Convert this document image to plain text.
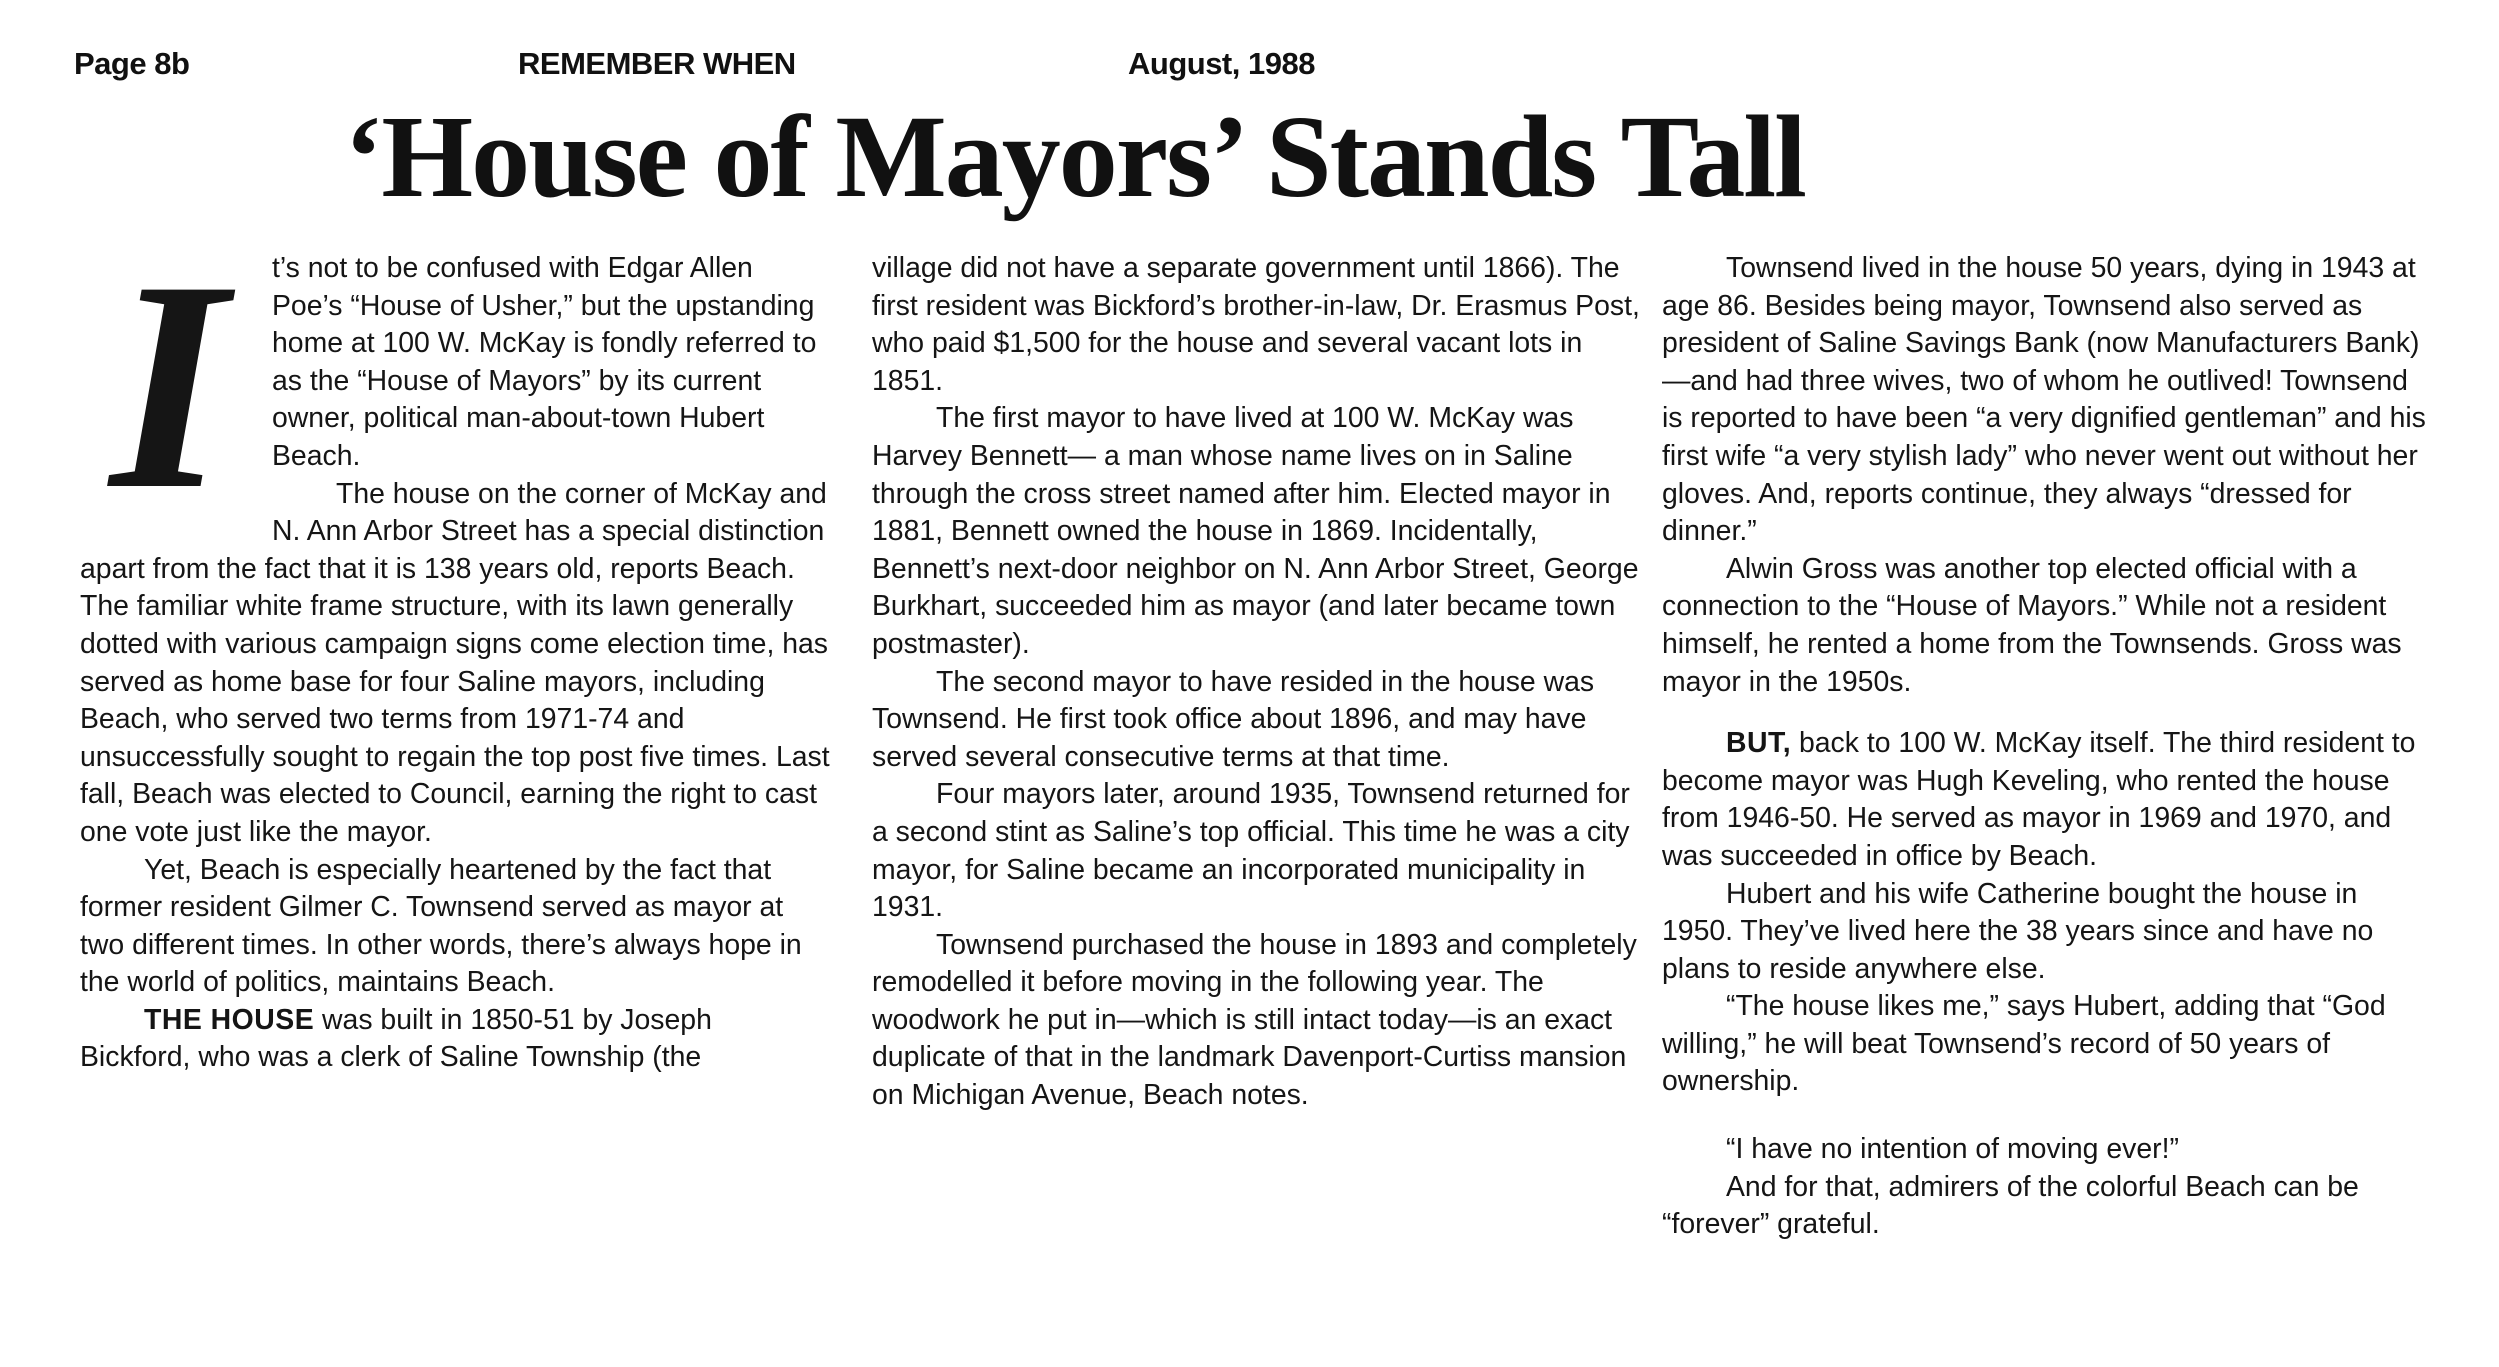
Page 8b	REMEMBER WHEN	August, 1988
‘House of Mayors’ Stands Tall
I	t’s not to be confused with Edgar Allen Poe’s “House of Usher,” but the upstanding home at 100 W. McKay is fondly referred to as the “House of Mayors” by its current owner, political man-about-town Hubert Beach.

The house on the corner of McKay and N. Ann Arbor Street has a special distinction apart from the fact that it is 138 years old, reports Beach. The familiar white frame structure, with its lawn generally dotted with various campaign signs come election time, has served as home base for four Saline mayors, including Beach, who served two terms from 1971-74 and unsuccessfully sought to regain the top post five times. Last fall, Beach was elected to Council, earning the right to cast one vote just like the mayor.

Yet, Beach is especially heartened by the fact that former resident Gilmer C. Townsend served as mayor at two different times. In other words, there’s always hope in the world of politics, maintains Beach.

THE HOUSE was built in 1850-51 by Joseph Bickford, who was a clerk of Saline Township (the

village did not have a separate government until 1866). The first resident was Bickford’s brother-in-law, Dr. Erasmus Post, who paid $1,500 for the house and several vacant lots in 1851.

The first mayor to have lived at 100 W. McKay was Harvey Bennett— a man whose name lives on in Saline through the cross street named after him. Elected mayor in 1881, Bennett owned the house in 1869. Incidentally, Bennett’s next-door neighbor on N. Ann Arbor Street, George Burkhart, succeeded him as mayor (and later became town postmaster).

The second mayor to have resided in the house was Townsend. He first took office about 1896, and may have served several consecutive terms at that time.

Four mayors later, around 1935, Townsend returned for a second stint as Saline’s top official. This time he was a city mayor, for Saline became an incorporated municipality in 1931.

Townsend purchased the house in 1893 and completely remodelled it before moving in the following year. The woodwork he put in—which is still intact today—is an exact duplicate of that in the landmark Davenport-Curtiss mansion on Michigan Avenue, Beach notes.

Townsend lived in the house 50 years, dying in 1943 at age 86. Besides being mayor, Townsend also served as president of Saline Savings Bank (now Manufacturers Bank)—and had three wives, two of whom he outlived! Townsend is reported to have been “a very dignified gentleman” and his first wife “a very stylish lady” who never went out without her gloves. And, reports continue, they always “dressed for dinner.”

Alwin Gross was another top elected official with a connection to the “House of Mayors.” While not a resident himself, he rented a home from the Townsends. Gross was mayor in the 1950s.

BUT, back to 100 W. McKay itself. The third resident to become mayor was Hugh Keveling, who rented the house from 1946-50. He served as mayor in 1969 and 1970, and was succeeded in office by Beach.

Hubert and his wife Catherine bought the house in 1950. They’ve lived here the 38 years since and have no plans to reside anywhere else.

“The house likes me,” says Hubert, adding that “God willing,” he will beat Townsend’s record of 50 years of ownership.

“I have no intention of moving ever!”

And for that, admirers of the colorful Beach can be “forever” grateful.
